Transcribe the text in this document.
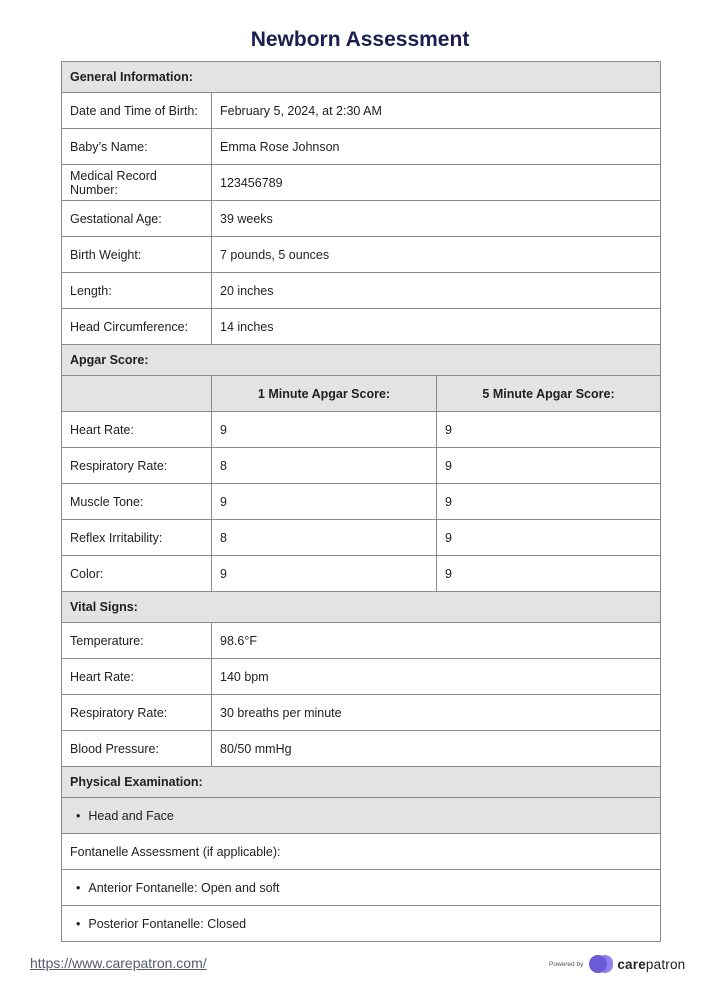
Newborn Assessment
General Information:		
Date and Time of Birth:	February 5, 2024, at 2:30 AM	
Baby’s Name:	Emma Rose Johnson	
Medical Record Number:	123456789	
Gestational Age:	39 weeks	
Birth Weight:	7 pounds, 5 ounces	
Length:	20 inches	
Head Circumference:	14 inches	
Apgar Score:		
	1 Minute Apgar Score:	5 Minute Apgar Score:
Heart Rate:	9	9
Respiratory Rate:	8	9
Muscle Tone:	9	9
Reflex Irritability:	8	9
Color:	9	9
Vital Signs:		
Temperature:	98.6°F	
Heart Rate:	140 bpm	
Respiratory Rate:	30 breaths per minute	
Blood Pressure:	80/50 mmHg	
Physical Examination:		
• Head and Face
Fontanelle Assessment (if applicable):		
• Anterior Fontanelle: Open and soft
• Posterior Fontanelle: Closed
https://www.carepatron.com/	Powered by	carepatron
